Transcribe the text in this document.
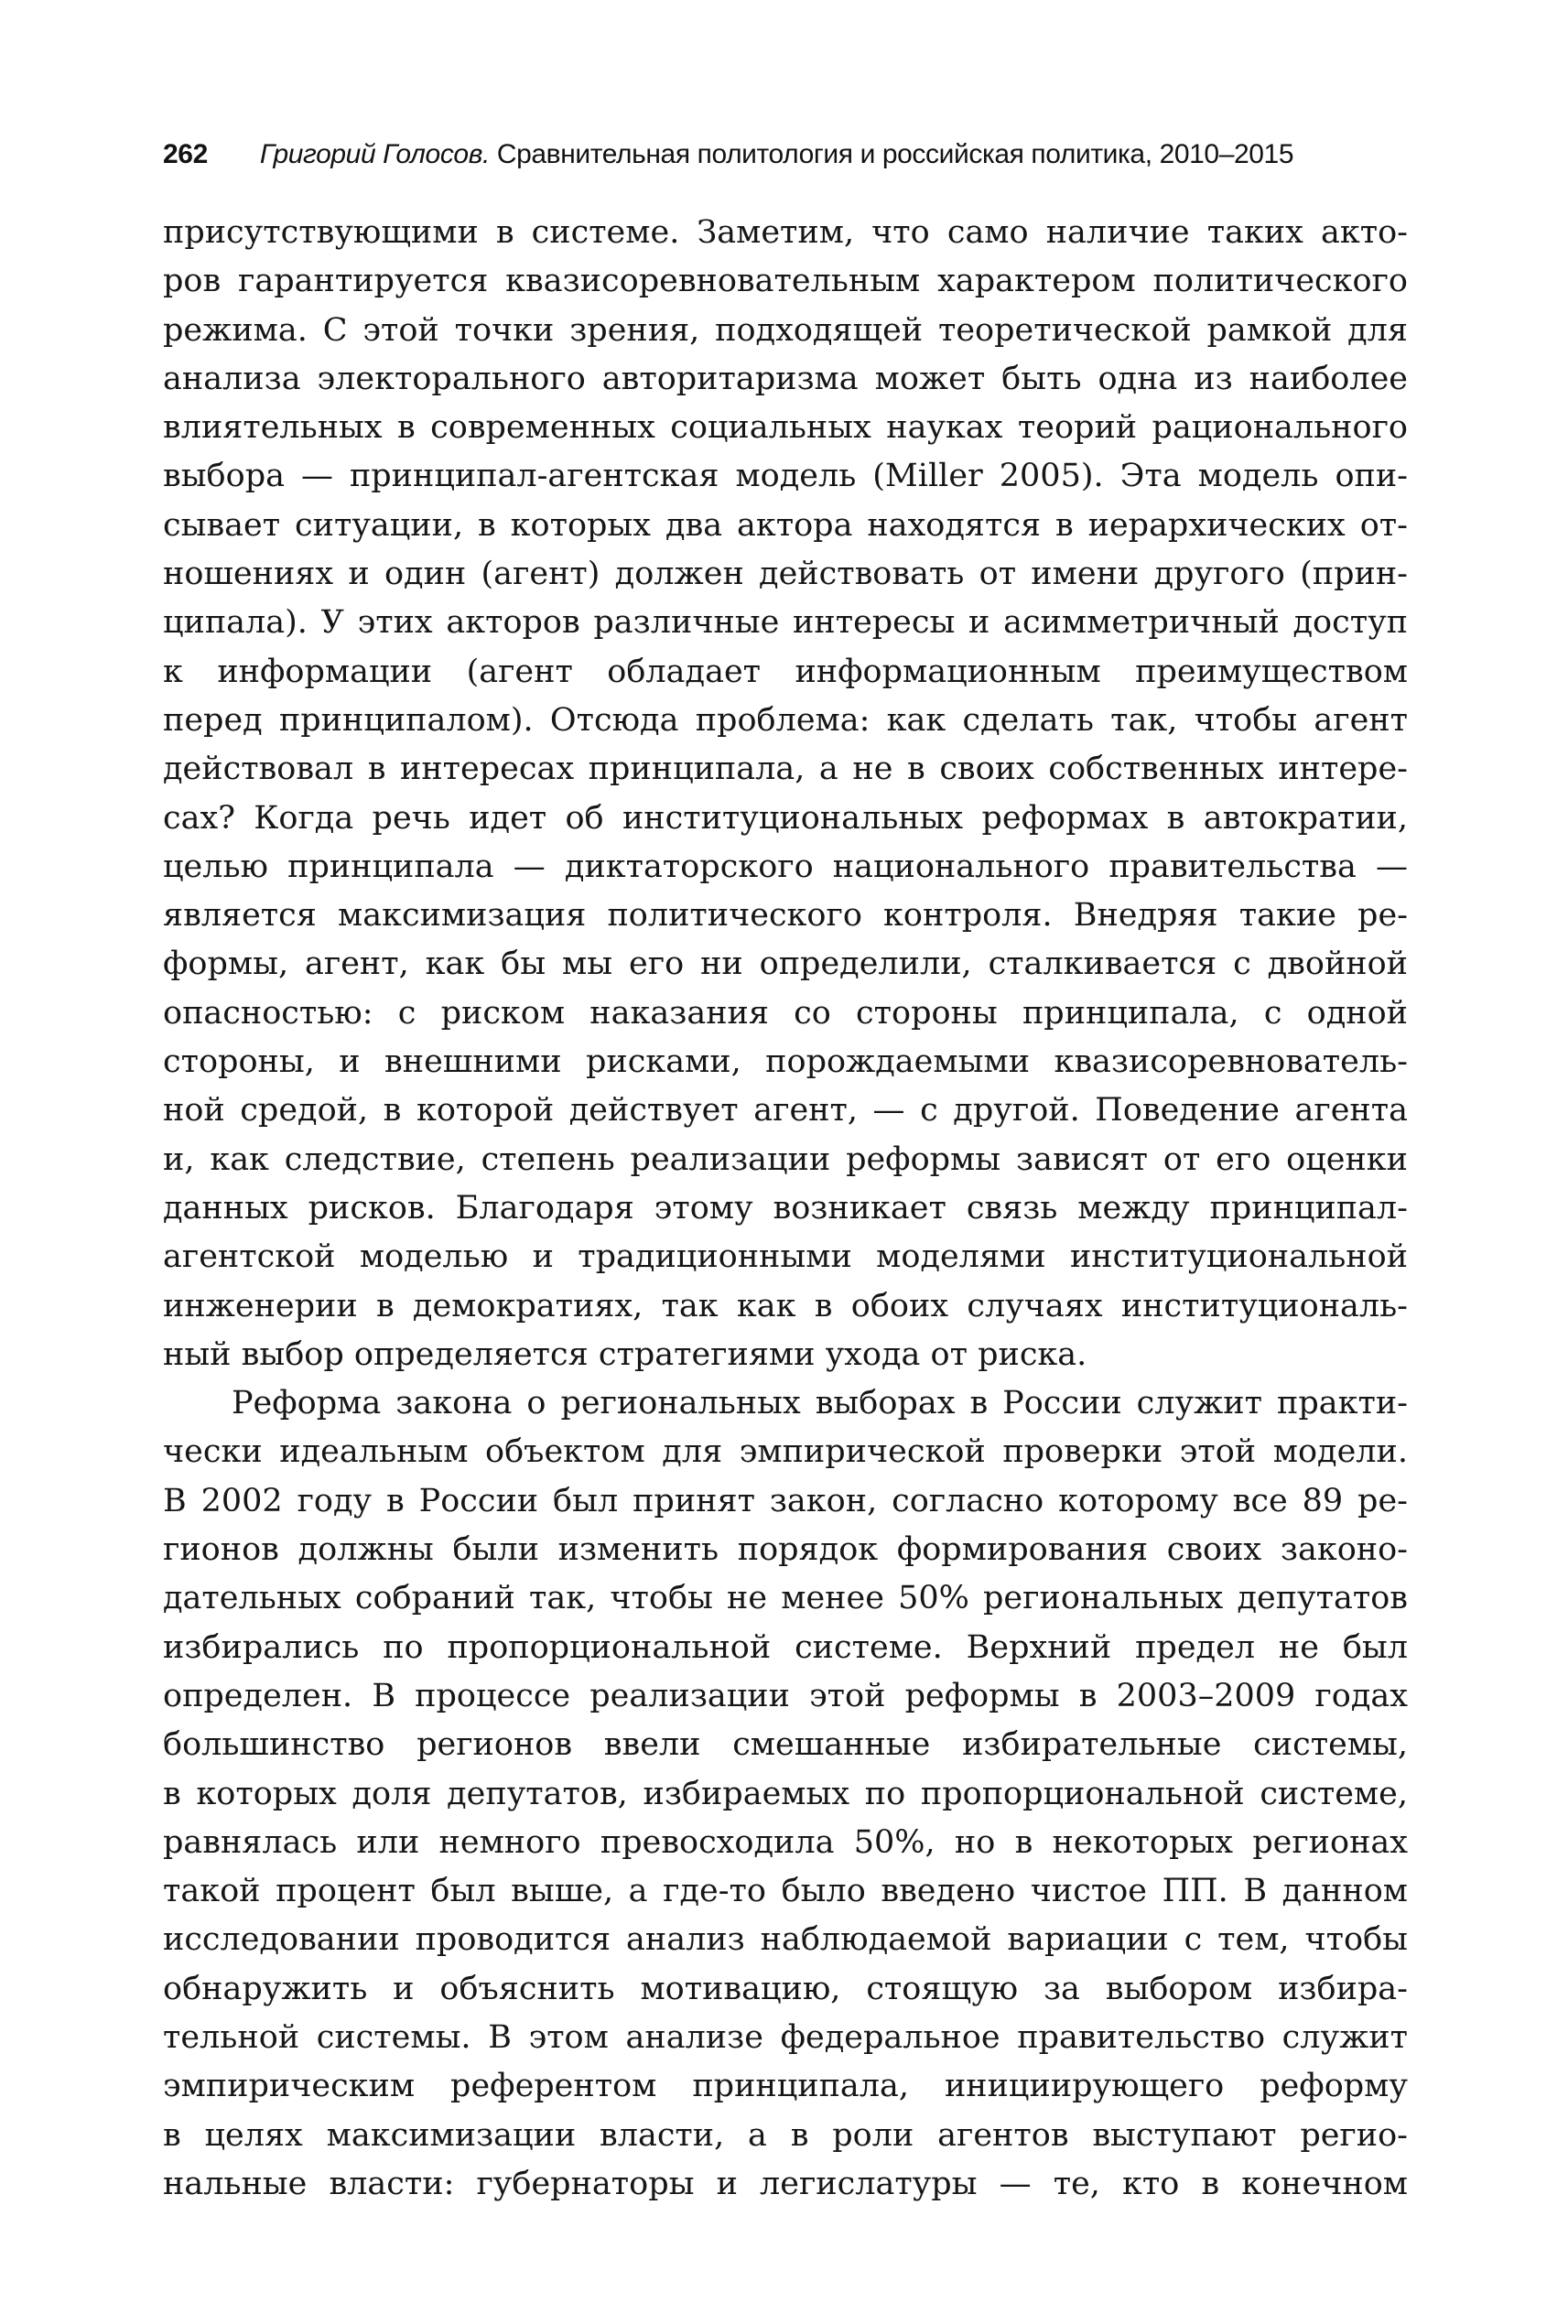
262 Григорий Голосов. Сравнительная политология и российская политика, 2010–2015
присутствующими в системе. Заметим, что само наличие таких акто-
ров гарантируется квазисоревновательным характером политического
режима. С этой точки зрения, подходящей теоретической рамкой для
анализа электорального авторитаризма может быть одна из наиболее
влиятельных в современных социальных науках теорий рационального
выбора — принципал-агентская модель (Miller 2005). Эта модель опи-
сывает ситуации, в которых два актора находятся в иерархических от-
ношениях и один (агент) должен действовать от имени другого (прин-
ципала). У этих акторов различные интересы и асимметричный доступ
к информации (агент обладает информационным преимуществом
перед принципалом). Отсюда проблема: как сделать так, чтобы агент
действовал в интересах принципала, а не в своих собственных интере-
сах? Когда речь идет об институциональных реформах в автократии,
целью принципала — диктаторского национального правительства —
является максимизация политического контроля. Внедряя такие ре-
формы, агент, как бы мы его ни определили, сталкивается с двойной
опасностью: с риском наказания со стороны принципала, с одной
стороны, и внешними рисками, порождаемыми квазисоревнователь-
ной средой, в которой действует агент, — с другой. Поведение агента
и, как следствие, степень реализации реформы зависят от его оценки
данных рисков. Благодаря этому возникает связь между принципал-
агентской моделью и традиционными моделями институциональной
инженерии в демократиях, так как в обоих случаях институциональ-
ный выбор определяется стратегиями ухода от риска.
Реформа закона о региональных выборах в России служит практи-
чески идеальным объектом для эмпирической проверки этой модели.
В 2002 году в России был принят закон, согласно которому все 89 ре-
гионов должны были изменить порядок формирования своих законо-
дательных собраний так, чтобы не менее 50% региональных депутатов
избирались по пропорциональной системе. Верхний предел не был
определен. В процессе реализации этой реформы в 2003–2009 годах
большинство регионов ввели смешанные избирательные системы,
в которых доля депутатов, избираемых по пропорциональной системе,
равнялась или немного превосходила 50%, но в некоторых регионах
такой процент был выше, а где-то было введено чистое ПП. В данном
исследовании проводится анализ наблюдаемой вариации с тем, чтобы
обнаружить и объяснить мотивацию, стоящую за выбором избира-
тельной системы. В этом анализе федеральное правительство служит
эмпирическим референтом принципала, инициирующего реформу
в целях максимизации власти, а в роли агентов выступают регио-
нальные власти: губернаторы и легислатуры — те, кто в конечном
